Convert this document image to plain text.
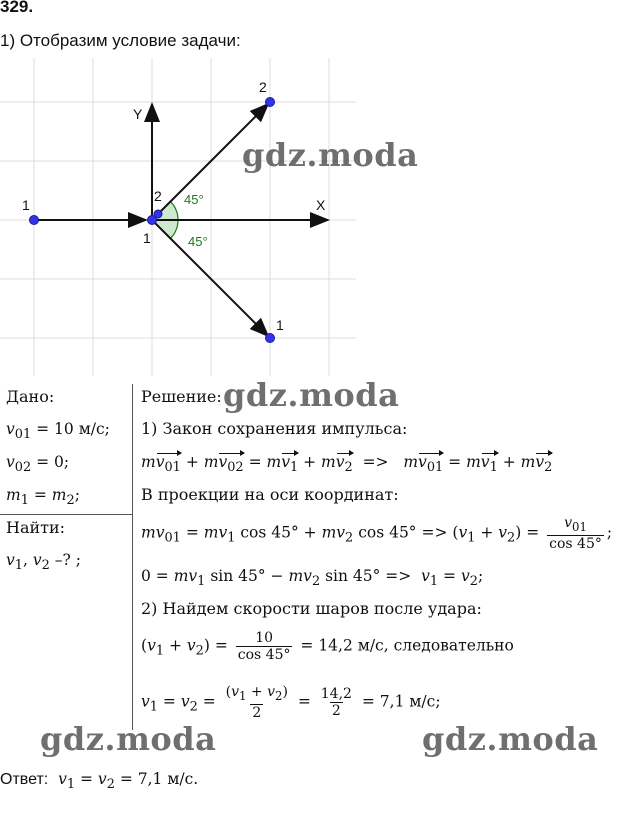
329.
1) Отобразим условие задачи:
Y
X
1
1
2
2
1
45°
45°
Дано:
$v_{01} = 10$ м/с;
$v_{02} = 0$;
$m_1 = m_2$;
Найти:
$v_1$, $v_2$ –? ;
Решение:
1) Закон сохранения импульса:
$mv_{01} + mv_{02} = mv_1 + mv_2 => mv_{01} = mv_1 + mv_2$
В проекции на оси координат:
$mv_{01} = mv_1$ $\cos 45^\circ + mv_2$ $\cos 45^\circ => (v_1 + v_2) = \frac{v_{01}}{\cos 45^\circ}$ ;
$0 = mv_1$ $\sin 45^\circ - mv_2$ $\sin 45^\circ => v_1 = v_2$;
2) Найдем скорости шаров после удара:
$(v_1 + v_2) = \frac{10}{\cos 45^\circ} = 14,2$ м/с, следовательно
$v_1 = v_2 = \frac{(v_1 + v_2)}{2} = \frac{14,2}{2} = 7,1$ м/с;
Ответ: $v_1 = v_2 = 7,1$ м/с.
gdz.moda
gdz.moda
gdz.moda	gdz.moda
